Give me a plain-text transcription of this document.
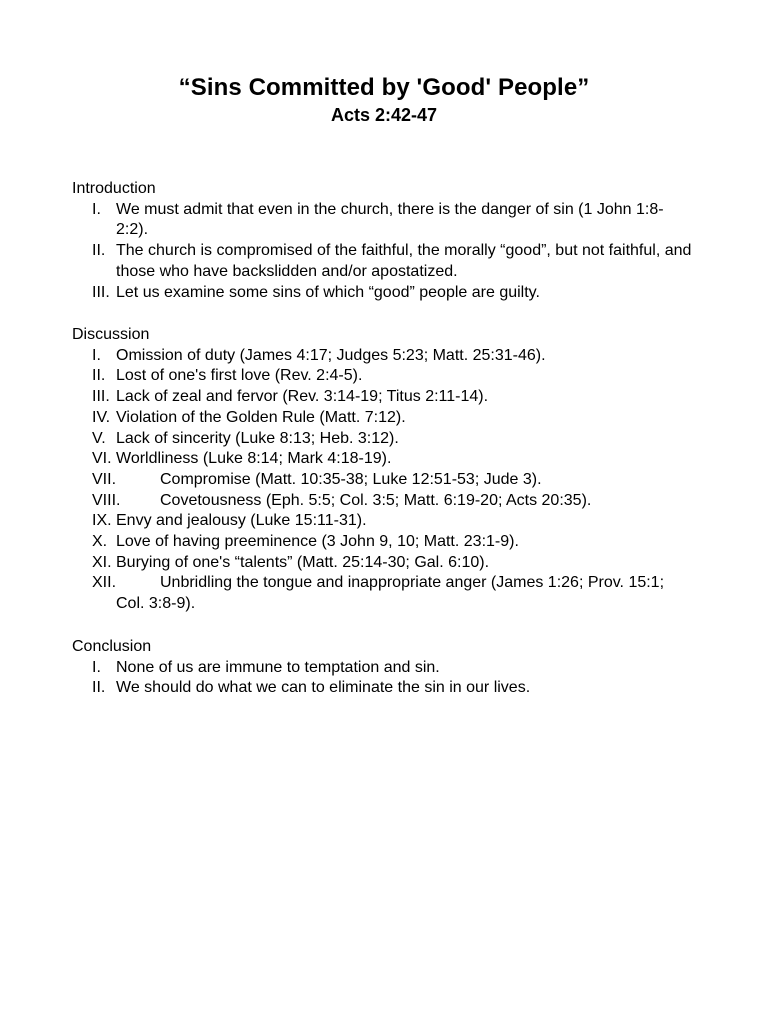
“Sins Committed by 'Good' People”
Acts 2:42-47
Introduction
I. We must admit that even in the church, there is the danger of sin (1 John 1:8-2:2).
II. The church is compromised of the faithful, the morally “good”, but not faithful, and those who have backslidden and/or apostatized.
III. Let us examine some sins of which “good” people are guilty.
Discussion
I. Omission of duty (James 4:17; Judges 5:23; Matt. 25:31-46).
II. Lost of one's first love (Rev. 2:4-5).
III. Lack of zeal and fervor (Rev. 3:14-19; Titus 2:11-14).
IV. Violation of the Golden Rule (Matt. 7:12).
V. Lack of sincerity (Luke 8:13; Heb. 3:12).
VI. Worldliness (Luke 8:14; Mark 4:18-19).
VII.	Compromise (Matt. 10:35-38; Luke 12:51-53; Jude 3).
VIII. Covetousness (Eph. 5:5; Col. 3:5; Matt. 6:19-20; Acts 20:35).
IX. Envy and jealousy (Luke 15:11-31).
X. Love of having preeminence (3 John 9, 10; Matt. 23:1-9).
XI. Burying of one's “talents” (Matt. 25:14-30; Gal. 6:10).
XII.	Unbridling the tongue and inappropriate anger (James 1:26; Prov. 15:1; Col. 3:8-9).
Conclusion
I. None of us are immune to temptation and sin.
II. We should do what we can to eliminate the sin in our lives.
